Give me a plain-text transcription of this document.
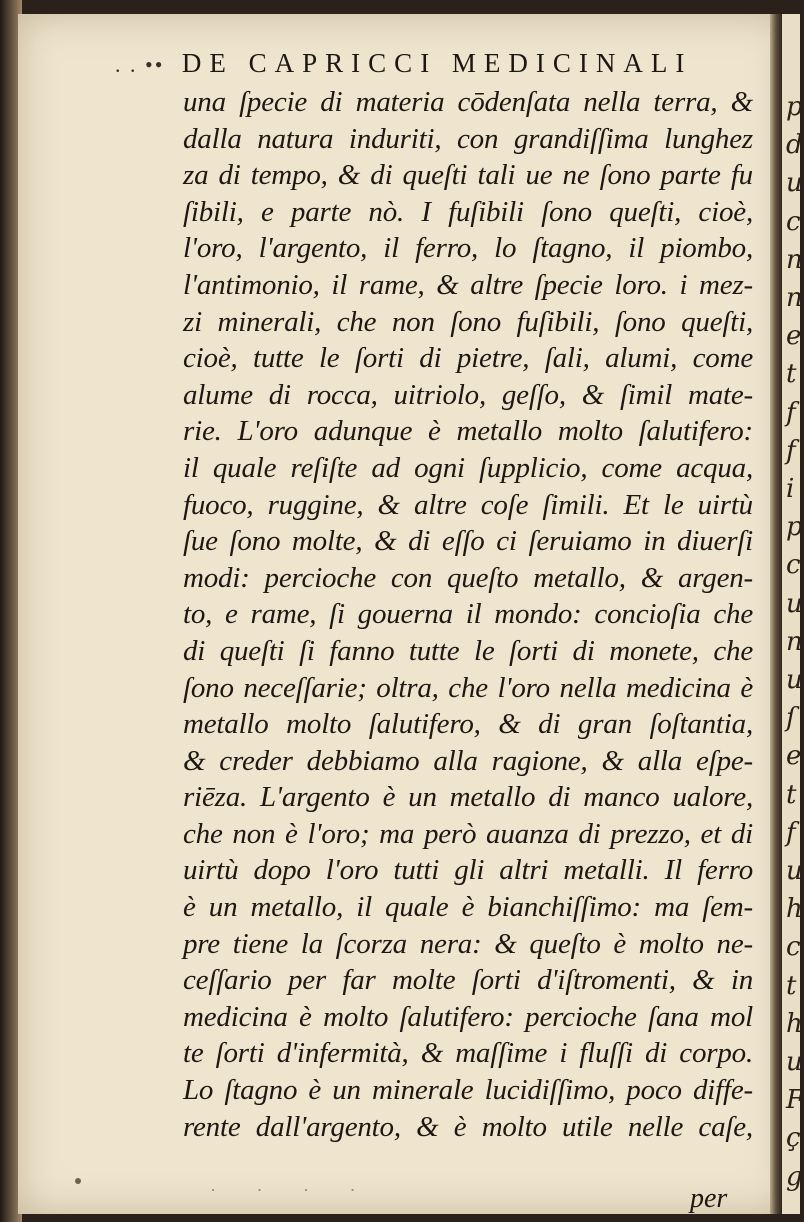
. . •• DE CAPRICCI MEDICINALI
una ſpecie di materia cōdenſata nella terra, &
dalla natura induriti, con grandiſſima lunghez
za di tempo, & di queſti tali ue ne ſono parte fu
ſibili, e parte nò. I fuſibili ſono queſti, cioè,
l'oro, l'argento, il ferro, lo ſtagno, il piombo,
l'antimonio, il rame, & altre ſpecie loro. i mez-
zi minerali, che non ſono fuſibili, ſono queſti,
cioè, tutte le ſorti di pietre, ſali, alumi, come
alume di rocca, uitriolo, geſſo, & ſimil mate-
rie. L'oro adunque è metallo molto ſalutifero:
il quale reſiſte ad ogni ſupplicio, come acqua,
fuoco, ruggine, & altre coſe ſimili. Et le uirtù
ſue ſono molte, & di eſſo ci ſeruiamo in diuerſi
modi: percioche con queſto metallo, & argen-
to, e rame, ſi gouerna il mondo: concioſia che
di queſti ſi fanno tutte le ſorti di monete, che
ſono neceſſarie; oltra, che l'oro nella medicina è
metallo molto ſalutifero, & di gran ſoſtantia,
& creder debbiamo alla ragione, & alla eſpe-
riēza. L'argento è un metallo di manco ualore,
che non è l'oro; ma però auanza di prezzo, et di
uirtù dopo l'oro tutti gli altri metalli. Il ferro
è un metallo, il quale è bianchiſſimo: ma ſem-
pre tiene la ſcorza nera: & queſto è molto ne-
ceſſario per far molte ſorti d'iſtromenti, & in
medicina è molto ſalutifero: percioche ſana mol
te ſorti d'infermità, & maſſime i fluſſi di corpo.
Lo ſtagno è un minerale lucidiſſimo, poco diffe-
rente dall'argento, & è molto utile nelle caſe,
· · · ·	per
p
d
u
c
n
n
e
t
f
f
i
p
c
u
n
u
ſ
e
t
f
u
h
c
t
h
u
F
ç
g
